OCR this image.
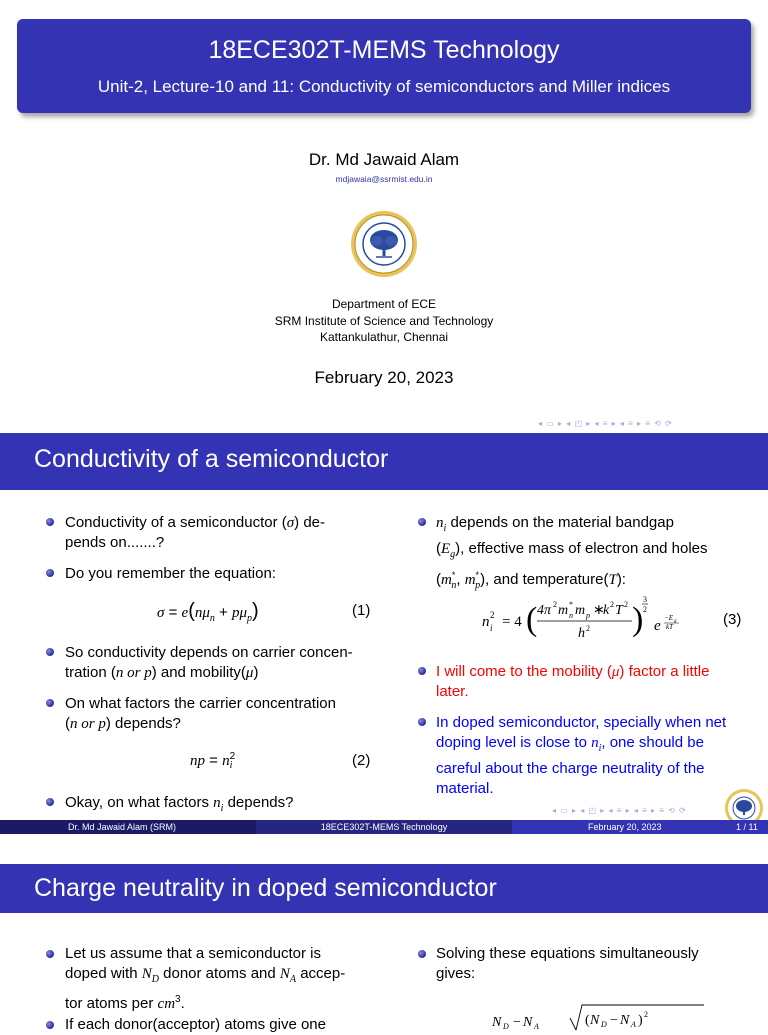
18ECE302T-MEMS Technology
Unit-2, Lecture-10 and 11: Conductivity of semiconductors and Miller indices
Dr. Md Jawaid Alam
mdjawaia@ssrmist.edu.in
Department of ECE
SRM Institute of Science and Technology
Kattankulathur, Chennai
February 20, 2023
◂ ▭ ▸ ◂ ◰ ▸ ◂ ≡ ▸ ◂ ≡ ▸ ≡ ⟲ ⟳
Conductivity of a semiconductor
Conductivity of a semiconductor (σ) de-
pends on.......?
Do you remember the equation:
$\sigma = e(n\mu_n + p\mu_p)$	(1)
So conductivity depends on carrier concen-
tration (n or p) and mobility(μ)
On what factors the carrier concentration
(n or p) depends?
np = n 2
i	(2)
Okay, on what factors $n_i$ depends?
$n_i$ depends on the material bandgap
$(E_g)$, effective mass of electron and holes
($m^*_n$, $m^*_p$), and temperature(T):
n 2
i = 4 ( 4π 2 m *
n m p ∗
k 2 T 2
h 2 )
3
2
e −E g
kT	(3)
I will come to the mobility (μ) factor a little
later.
In doped semiconductor, specially when net
doping level is close to $n_i$, one should be
careful about the charge neutrality of the
material.
◂ ▭ ▸ ◂ ◰ ▸ ◂ ≡ ▸ ◂ ≡ ▸ ≡ ⟲ ⟳
Dr. Md Jawaid Alam (SRM)	18ECE302T-MEMS Technology	February 20, 2023	1 / 11
Charge neutrality in doped semiconductor
Let us assume that a semiconductor is
doped with $N_D$ donor atoms and $N_A$ accep-
tor atoms per $cm^3$.
If each donor(acceptor) atoms give one
Solving these equations simultaneously
gives:
N D − N A	( N D − N A ) 2
